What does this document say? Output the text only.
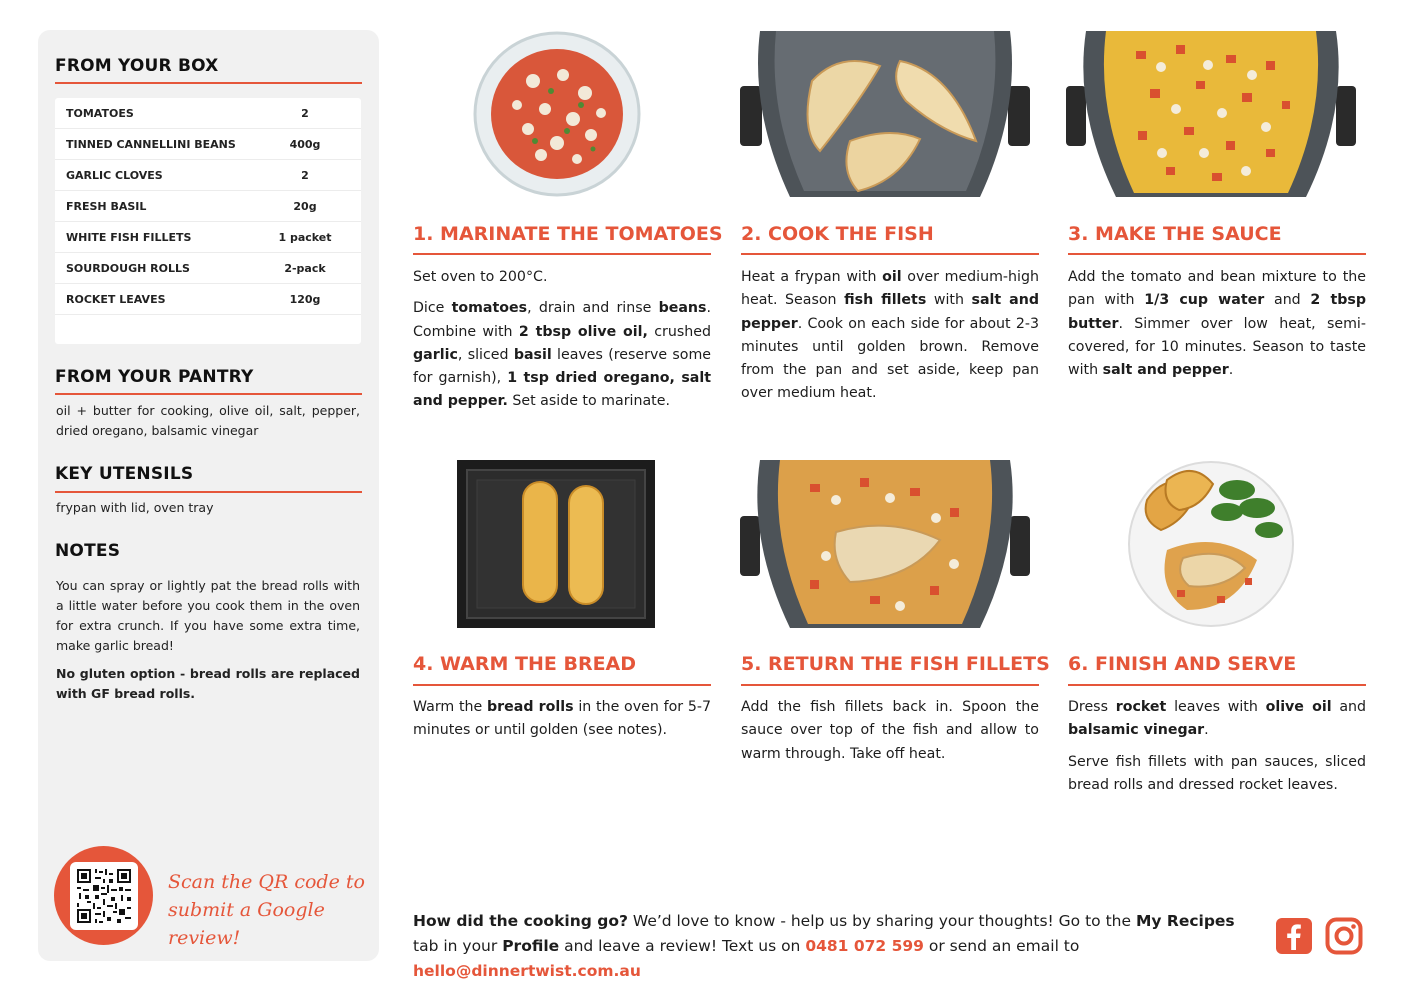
FROM YOUR BOX
TOMATOES	2
TINNED CANNELLINI BEANS	400g
GARLIC CLOVES	2
FRESH BASIL	20g
WHITE FISH FILLETS	1 packet
SOURDOUGH ROLLS	2-pack
ROCKET LEAVES	120g
FROM YOUR PANTRY
oil + butter for cooking, olive oil, salt, pepper, dried oregano, balsamic vinegar
KEY UTENSILS
frypan with lid, oven tray
NOTES
You can spray or lightly pat the bread rolls with a little water before you cook them in the oven for extra crunch. If you have some extra time, make garlic bread!
No gluten option - bread rolls are replaced with GF bread rolls.
Scan the QR code to
submit a Google review!
1. MARINATE THE TOMATOES

Set oven to 200°C.

Dice tomatoes, drain and rinse beans. Combine with 2 tbsp olive oil, crushed garlic, sliced basil leaves (reserve some for garnish), 1 tsp dried oregano, salt and pepper. Set aside to marinate.

2. COOK THE FISH

Heat a frypan with oil over medium-high heat. Season fish fillets with salt and pepper. Cook on each side for about 2-3 minutes until golden brown. Remove from the pan and set aside, keep pan over medium heat.

3. MAKE THE SAUCE

Add the tomato and bean mixture to the pan with 1/3 cup water and 2 tbsp butter. Simmer over low heat, semi-covered, for 10 minutes. Season to taste with salt and pepper.

4. WARM THE BREAD

Warm the bread rolls in the oven for 5-7 minutes or until golden (see notes).

5. RETURN THE FISH FILLETS

Add the fish fillets back in. Spoon the sauce over top of the fish and allow to warm through. Take off heat.

6. FINISH AND SERVE

Dress rocket leaves with olive oil and balsamic vinegar.

Serve fish fillets with pan sauces, sliced bread rolls and dressed rocket leaves.

How did the cooking go? We’d love to know - help us by sharing your thoughts! Go to the My Recipes tab in your Profile and leave a review! Text us on 0481 072 599 or send an email to hello@dinnertwist.com.au
